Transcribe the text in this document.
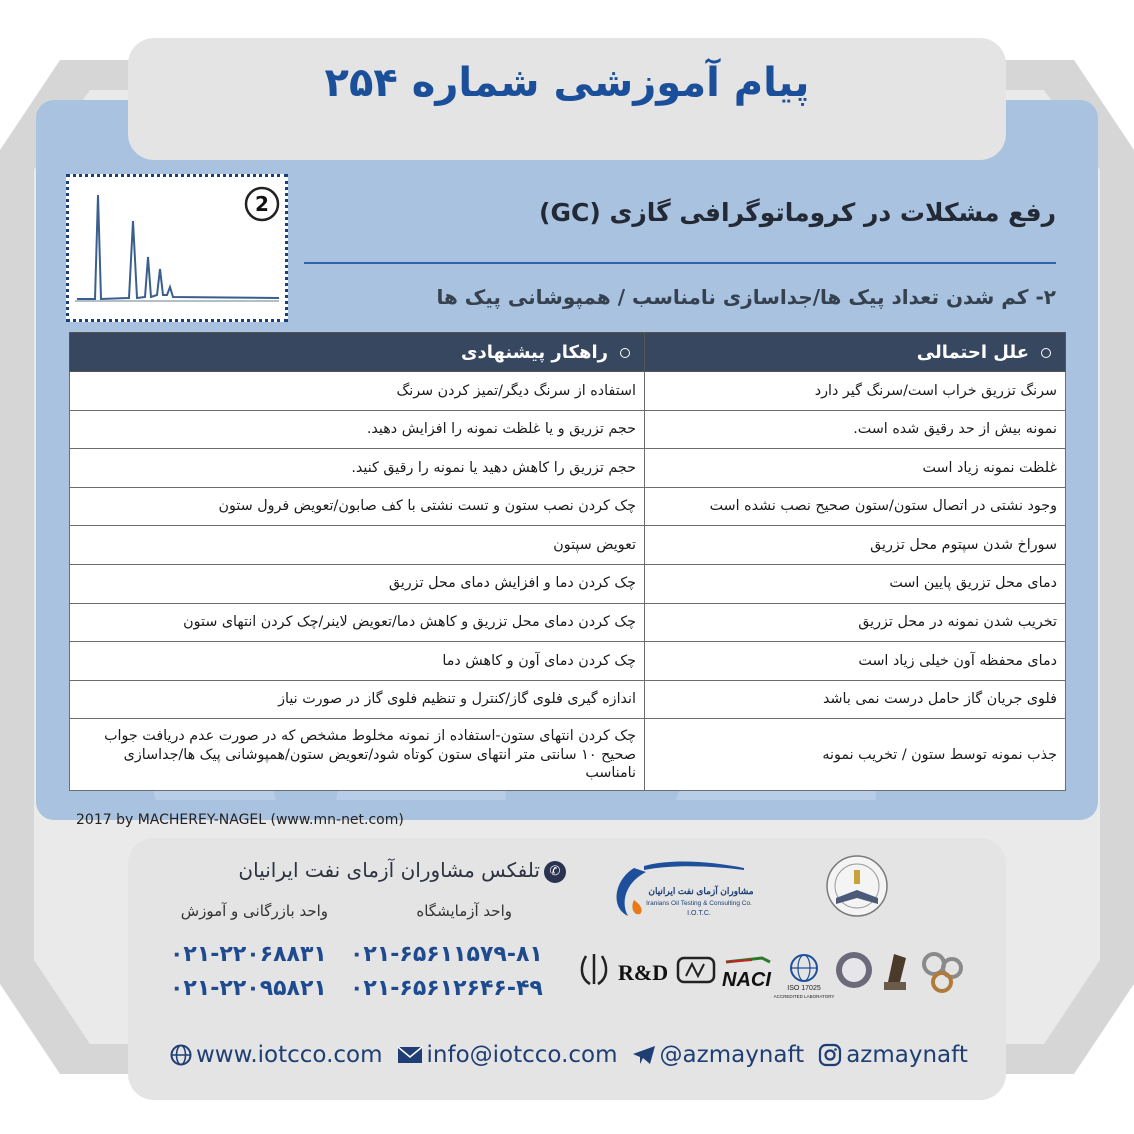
پیام آموزشی شماره ۲۵۴
2	رفع مشکلات در کروماتوگرافی گازی (GC)
۲- کم شدن تعداد پیک ها/جداسازی نامناسب / همپوشانی پیک ها
علل احتمالی	راهکار پیشنهادی
سرنگ تزریق خراب است/سرنگ گیر دارد	استفاده از سرنگ دیگر/تمیز کردن سرنگ
نمونه بیش از حد رقیق شده است.	حجم تزریق و یا غلظت نمونه را افزایش دهید.
غلظت نمونه زیاد است	حجم تزریق را کاهش دهید یا نمونه را رقیق کنید.
وجود نشتی در اتصال ستون/ستون صحیح نصب نشده است	چک کردن نصب ستون و تست نشتی با کف صابون/تعویض فرول ستون
سوراخ شدن سپتوم محل تزریق	تعویض سپتون
دمای محل تزریق پایین است	چک کردن دما و افزایش دمای محل تزریق
تخریب شدن نمونه در محل تزریق	چک کردن دمای محل تزریق و کاهش دما/تعویض لاینر/چک کردن انتهای ستون
دمای محفظه آون خیلی زیاد است	چک کردن دمای آون و کاهش دما
فلوی جریان گاز حامل درست نمی باشد	اندازه گیری فلوی گاز/کنترل و تنظیم فلوی گاز در صورت نیاز
جذب نمونه توسط ستون / تخریب نمونه	چک کردن انتهای ستون-استفاده از نمونه مخلوط مشخص که در صورت عدم دریافت جواب صحیح ۱۰ سانتی متر انتهای ستون کوتاه شود/تعویض ستون/همپوشانی پیک ها/جداسازی نامناسب
2017 by MACHEREY-NAGEL (www.mn-net.com)
✆تلفکس مشاوران آزمای نفت ایرانیان
واحد آزمایشگاه
واحد بازرگانی و آموزش
۰۲۱-۶۵۶۱۱۵۷۹-۸۱
۰۲۱-۶۵۶۱۲۶۴۶-۴۹
۰۲۱-۲۲۰۶۸۸۳۱
۰۲۱-۲۲۰۹۵۸۲۱
مشاوران آزمای نفت ایرانیان
Iranians Oil Testing & Consulting Co.
I.O.T.C.
R&D	NACI ISO 17025
ACCREDITED LABORATORY
www.iotcco.com info@iotcco.com @azmaynaft azmaynaft
